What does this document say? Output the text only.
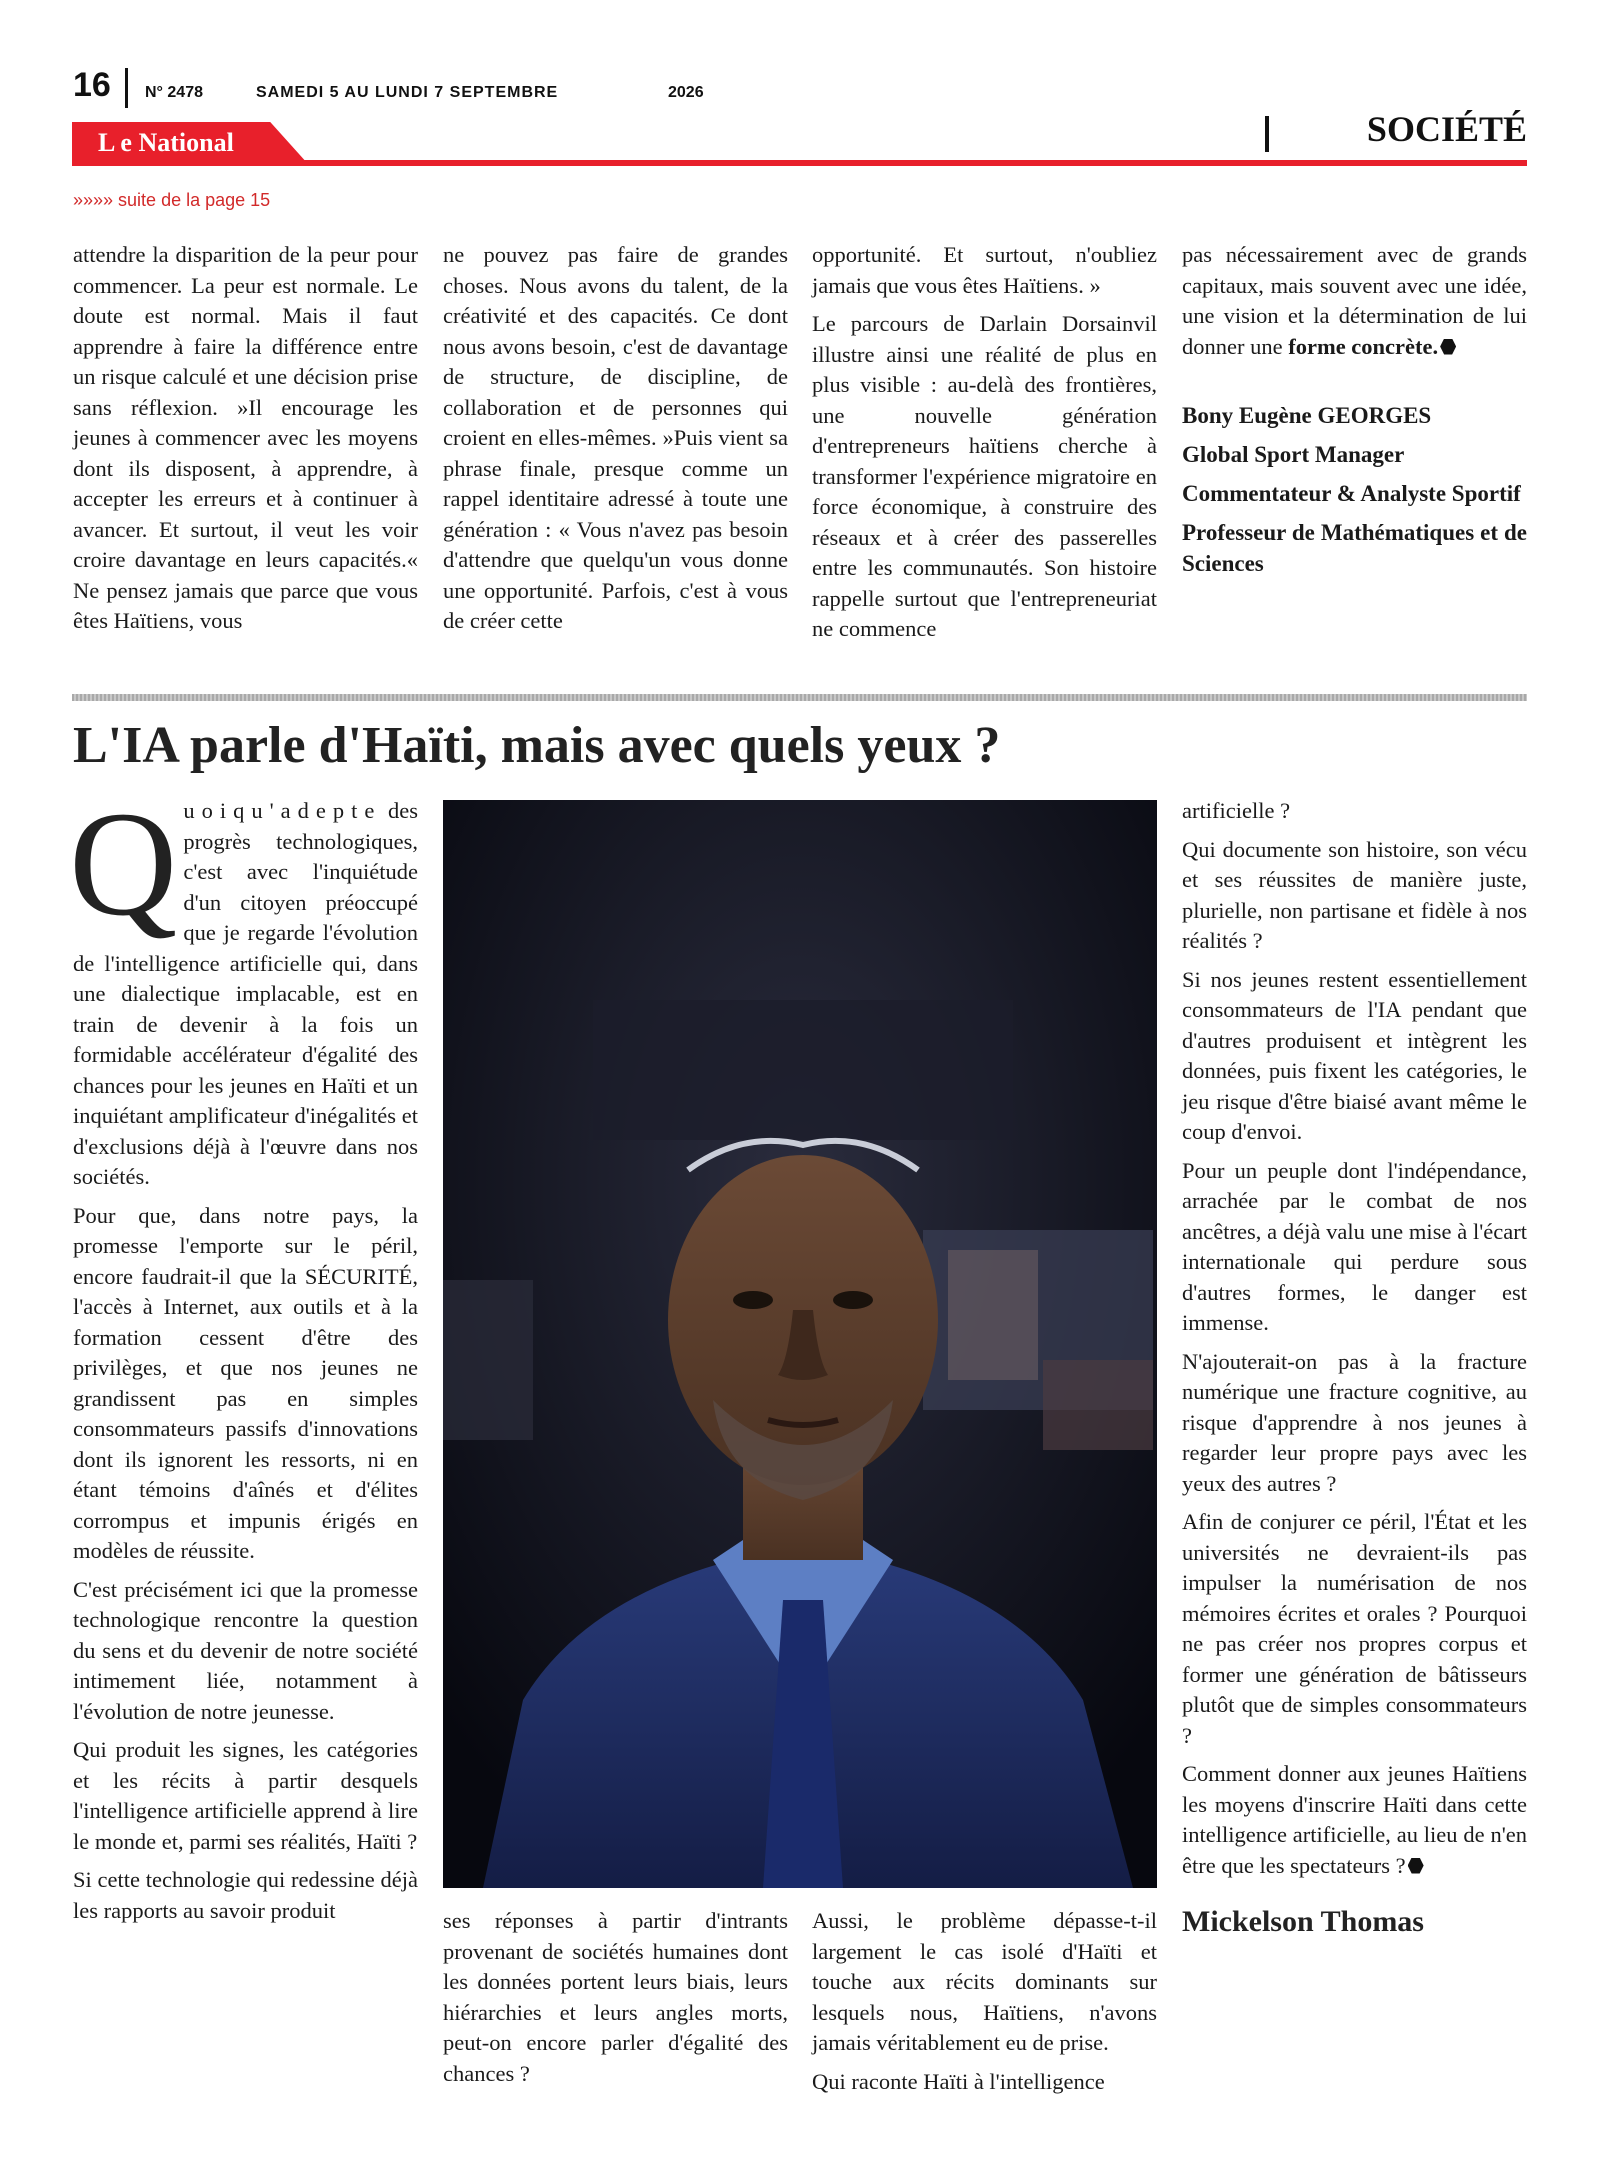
16 N° 2478	SAMEDI 5 AU LUNDI 7 SEPTEMBRE	2026
L e National	SOCIÉTÉ
»»»» suite de la page 15

attendre la disparition de la peur pour commencer. La peur est normale. Le doute est normal. Mais il faut apprendre à faire la différence entre un risque calculé et une décision prise sans réflexion. »Il encourage les jeunes à commencer avec les moyens dont ils disposent, à apprendre, à accepter les erreurs et à continuer à avancer. Et surtout, il veut les voir croire davantage en leurs capacités.« Ne pensez jamais que parce que vous êtes Haïtiens, vous

ne pouvez pas faire de grandes choses. Nous avons du talent, de la créativité et des capacités. Ce dont nous avons besoin, c'est de davantage de structure, de discipline, de collaboration et de personnes qui croient en elles-mêmes. »Puis vient sa phrase finale, presque comme un rappel identitaire adressé à toute une génération : « Vous n'avez pas besoin d'attendre que quelqu'un vous donne une opportunité. Parfois, c'est à vous de créer cette

opportunité. Et surtout, n'oubliez jamais que vous êtes Haïtiens. »

Le parcours de Darlain Dorsainvil illustre ainsi une réalité de plus en plus visible : au-delà des frontières, une nouvelle génération d'entrepreneurs haïtiens cherche à transformer l'expérience migratoire en force économique, à construire des réseaux et à créer des passerelles entre les communautés. Son histoire rappelle surtout que l'entrepreneuriat ne commence

pas nécessairement avec de grands capitaux, mais souvent avec une idée, une vision et la détermination de lui donner une forme concrète.

Bony Eugène GEORGES
Global Sport Manager
Commentateur & Analyste Sportif
Professeur de Mathématiques et de Sciences
L'IA parle d'Haïti, mais avec quels yeux ?

Q uoiqu'adepte des progrès technologiques, c'est avec l'inquiétude d'un citoyen préoccupé que je regarde l'évolution de l'intelligence artificielle qui, dans une dialectique implacable, est en train de devenir à la fois un formidable accélérateur d'égalité des chances pour les jeunes en Haïti et un inquiétant amplificateur d'inégalités et d'exclusions déjà à l'œuvre dans nos sociétés.

Pour que, dans notre pays, la promesse l'emporte sur le péril, encore faudrait-il que la SÉCURITÉ, l'accès à Internet, aux outils et à la formation cessent d'être des privilèges, et que nos jeunes ne grandissent pas en simples consommateurs passifs d'innovations dont ils ignorent les ressorts, ni en étant témoins d'aînés et d'élites corrompus et impunis érigés en modèles de réussite.

C'est précisément ici que la promesse technologique rencontre la question du sens et du devenir de notre société intimement liée, notamment à l'évolution de notre jeunesse.

Qui produit les signes, les catégories et les récits à partir desquels l'intelligence artificielle apprend à lire le monde et, parmi ses réalités, Haïti ?

Si cette technologie qui redessine déjà les rapports au savoir produit	ses réponses à partir d'intrants provenant de sociétés humaines dont les données portent leurs biais, leurs hiérarchies et leurs angles morts, peut-on encore parler d'égalité des chances ?

Aussi, le problème dépasse-t-il largement le cas isolé d'Haïti et touche aux récits dominants sur lesquels nous, Haïtiens, n'avons jamais véritablement eu de prise.

Qui raconte Haïti à l'intelligence

artificielle ?

Qui documente son histoire, son vécu et ses réussites de manière juste, plurielle, non partisane et fidèle à nos réalités ?

Si nos jeunes restent essentiellement consommateurs de l'IA pendant que d'autres produisent et intègrent les données, puis fixent les catégories, le jeu risque d'être biaisé avant même le coup d'envoi.

Pour un peuple dont l'indépendance, arrachée par le combat de nos ancêtres, a déjà valu une mise à l'écart internationale qui perdure sous d'autres formes, le danger est immense.

N'ajouterait-on pas à la fracture numérique une fracture cognitive, au risque d'apprendre à nos jeunes à regarder leur propre pays avec les yeux des autres ?

Afin de conjurer ce péril, l'État et les universités ne devraient-ils pas impulser la numérisation de nos mémoires écrites et orales ? Pourquoi ne pas créer nos propres corpus et former une génération de bâtisseurs plutôt que de simples consommateurs ?

Comment donner aux jeunes Haïtiens les moyens d'inscrire Haïti dans cette intelligence artificielle, au lieu de n'en être que les spectateurs ?

Mickelson Thomas
